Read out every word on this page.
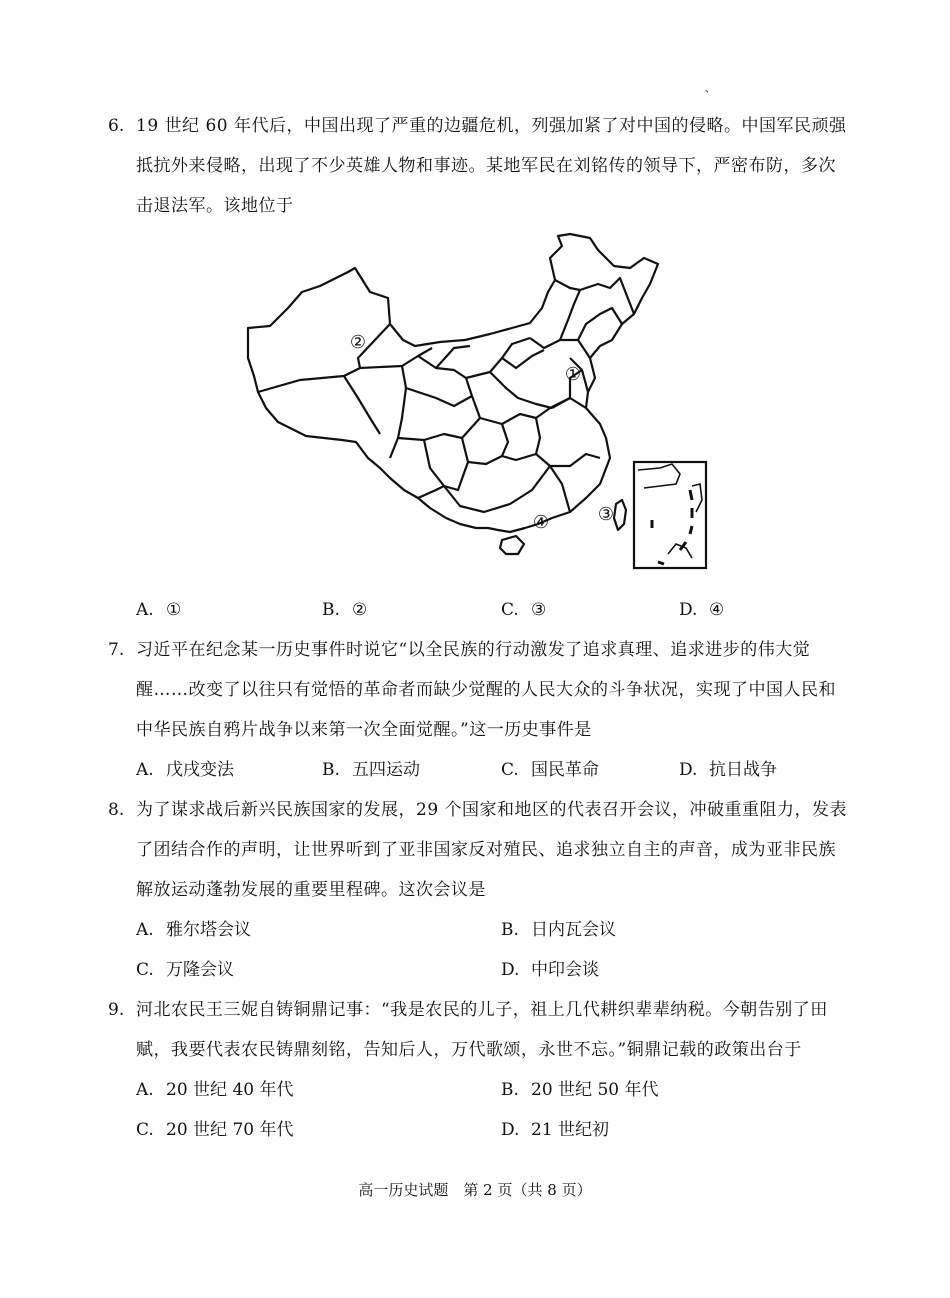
、
6. 19 世纪 60 年代后，中国出现了严重的边疆危机，列强加紧了对中国的侵略。中国军民顽强抵抗外来侵略，出现了不少英雄人物和事迹。某地军民在刘铭传的领导下，严密布防，多次击退法军。该地位于
①
②
③
④
A. ①	B. ②	C. ③	D. ④
7. 习近平在纪念某一历史事件时说它“以全民族的行动激发了追求真理、追求进步的伟大觉醒……改变了以往只有觉悟的革命者而缺少觉醒的人民大众的斗争状况，实现了中国人民和中华民族自鸦片战争以来第一次全面觉醒。”这一历史事件是
A. 戊戌变法	B. 五四运动	C. 国民革命	D. 抗日战争
8. 为了谋求战后新兴民族国家的发展，29 个国家和地区的代表召开会议，冲破重重阻力，发表了团结合作的声明，让世界听到了亚非国家反对殖民、追求独立自主的声音，成为亚非民族解放运动蓬勃发展的重要里程碑。这次会议是
A. 雅尔塔会议	B. 日内瓦会议
C. 万隆会议	D. 中印会谈
9. 河北农民王三妮自铸铜鼎记事：“我是农民的儿子，祖上几代耕织辈辈纳税。今朝告别了田赋，我要代表农民铸鼎刻铭，告知后人，万代歌颂，永世不忘。”铜鼎记载的政策出台于
A. 20 世纪 40 年代	B. 20 世纪 50 年代
C. 20 世纪 70 年代	D. 21 世纪初
高一历史试题　第 2 页（共 8 页）
